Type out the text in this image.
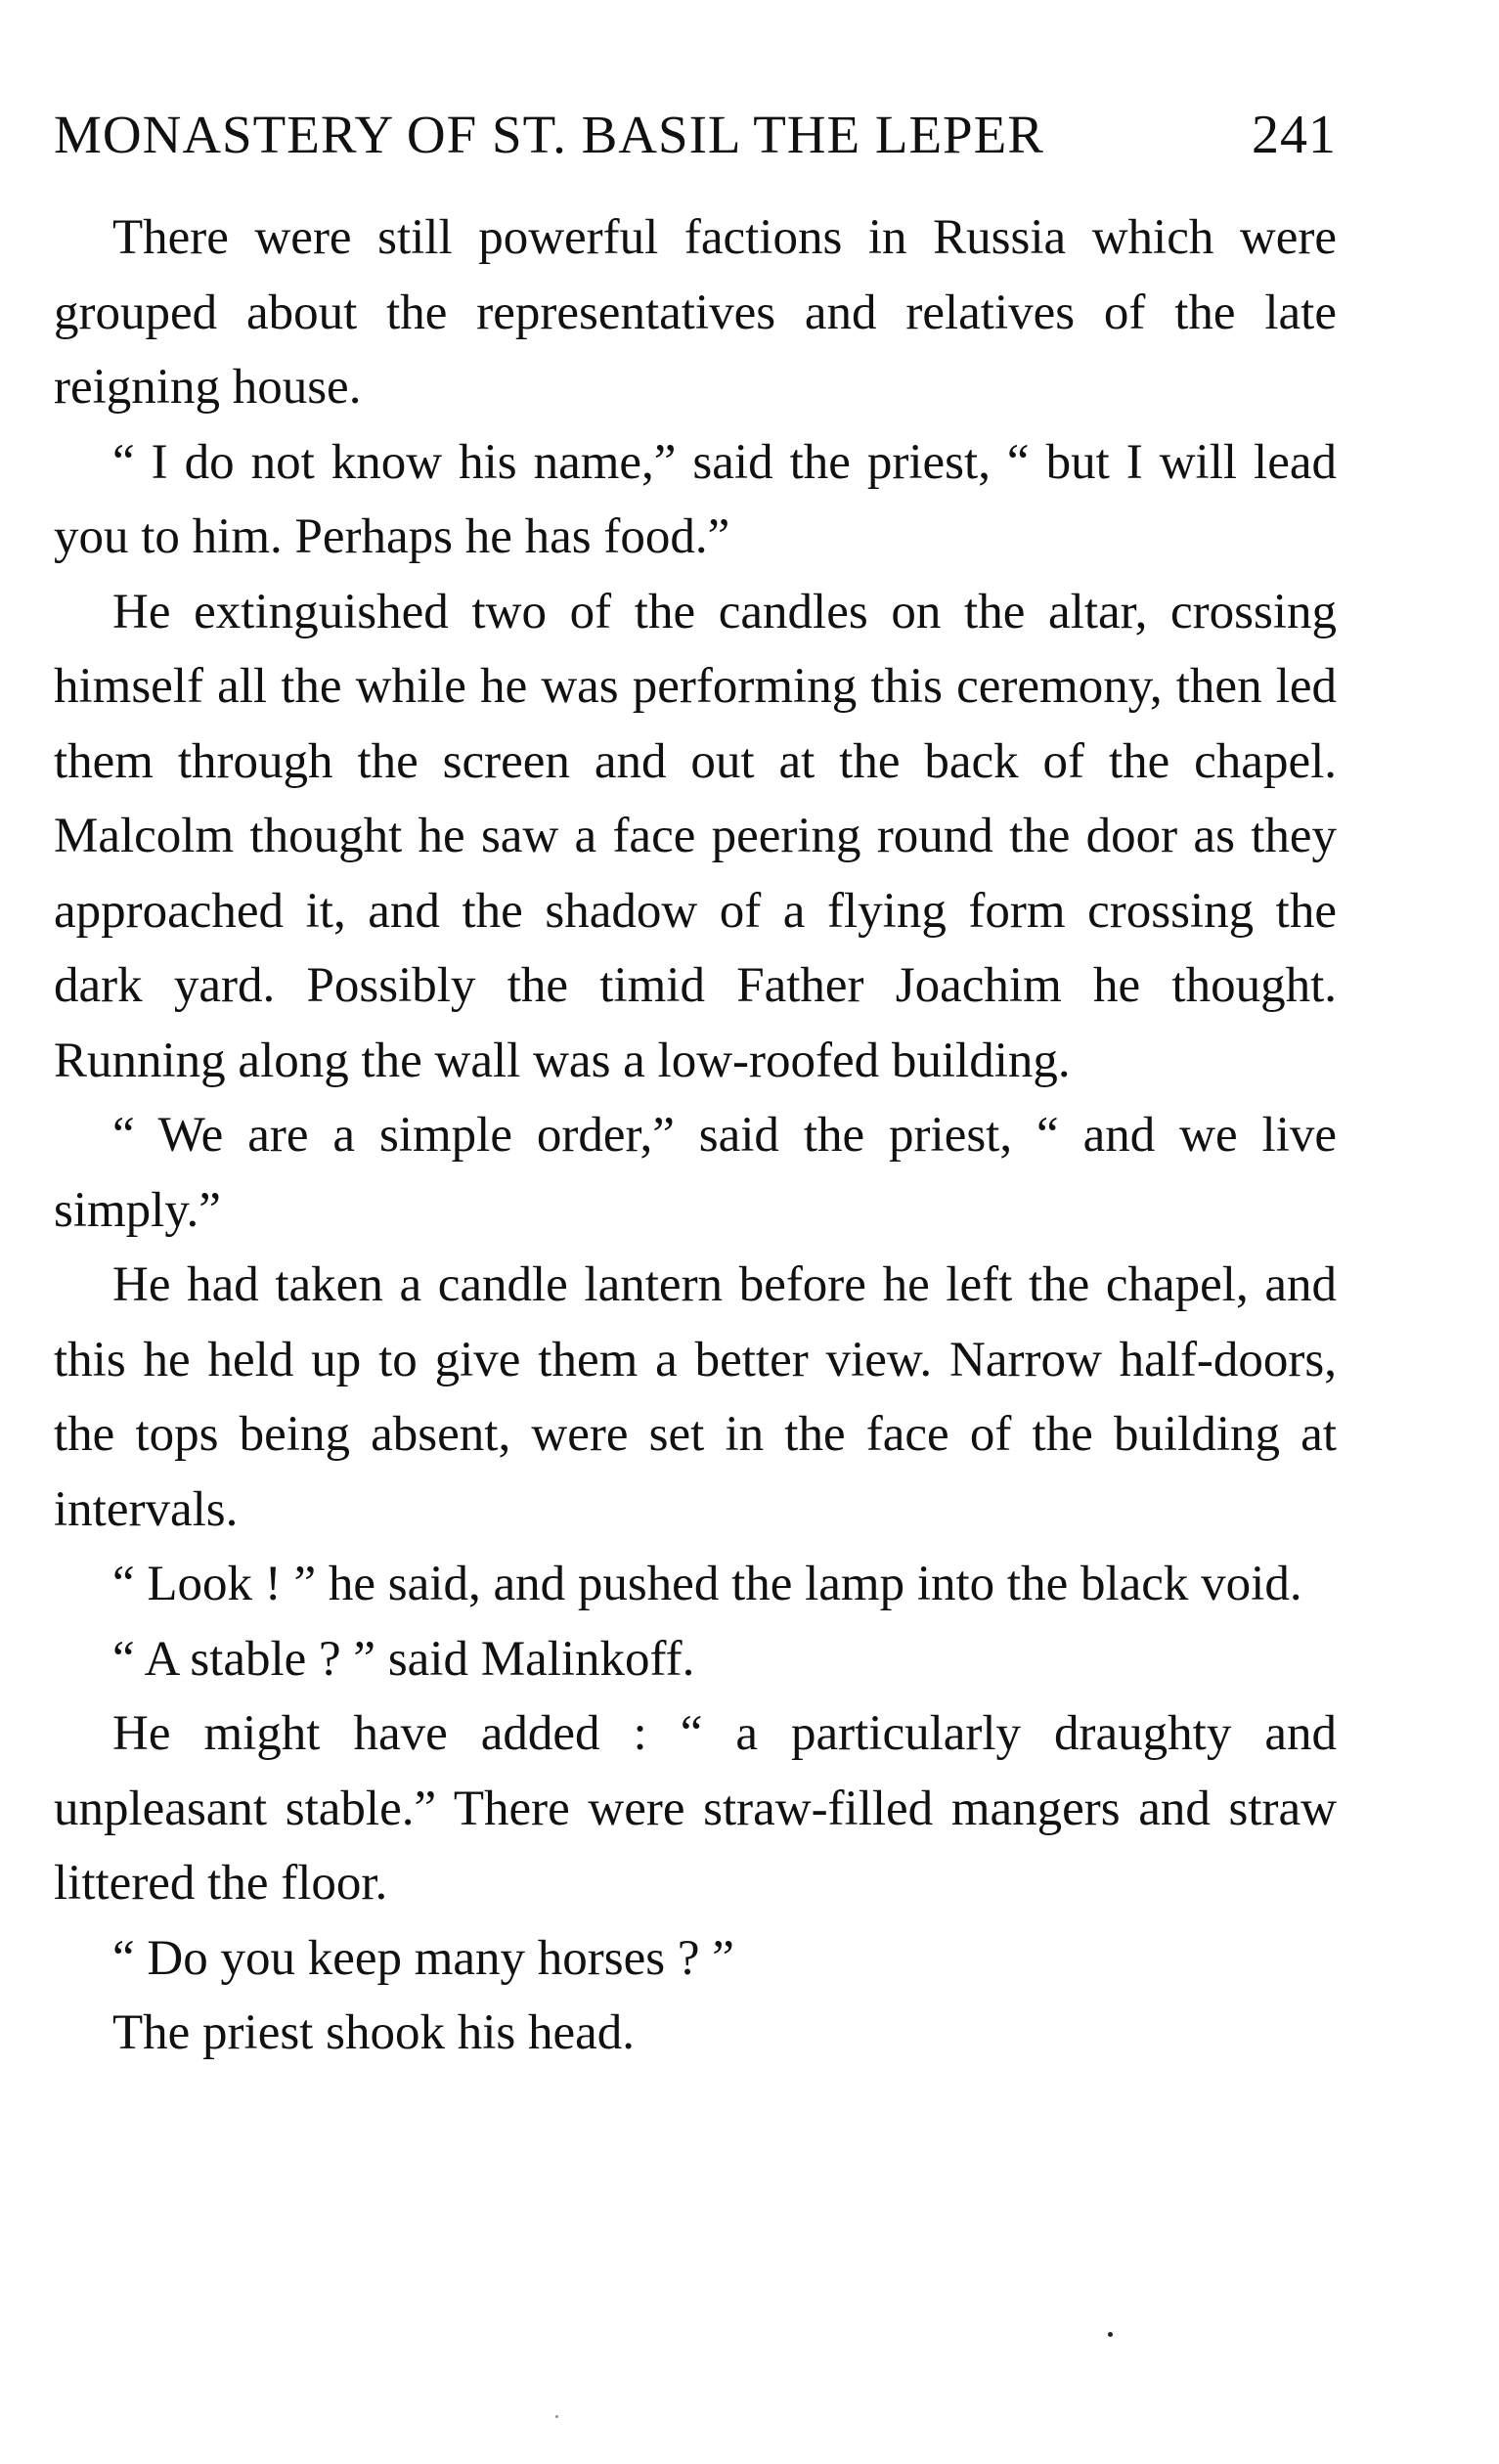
MONASTERY OF ST. BASIL THE LEPER	241

There were still powerful factions in Russia which were grouped about the representatives and relatives of the late reigning house.

“ I do not know his name,” said the priest, “ but I will lead you to him. Perhaps he has food.”

He extinguished two of the candles on the altar, crossing himself all the while he was performing this ceremony, then led them through the screen and out at the back of the chapel. Malcolm thought he saw a face peering round the door as they approached it, and the shadow of a flying form crossing the dark yard. Possibly the timid Father Joachim he thought. Running along the wall was a low-roofed building.

“ We are a simple order,” said the priest, “ and we live simply.”

He had taken a candle lantern before he left the chapel, and this he held up to give them a better view. Narrow half-doors, the tops being absent, were set in the face of the building at intervals.

“ Look ! ” he said, and pushed the lamp into the black void.

“ A stable ? ” said Malinkoff.

He might have added : “ a particularly draughty and unpleasant stable.” There were straw-filled mangers and straw littered the floor.

“ Do you keep many horses ? ”

The priest shook his head.
